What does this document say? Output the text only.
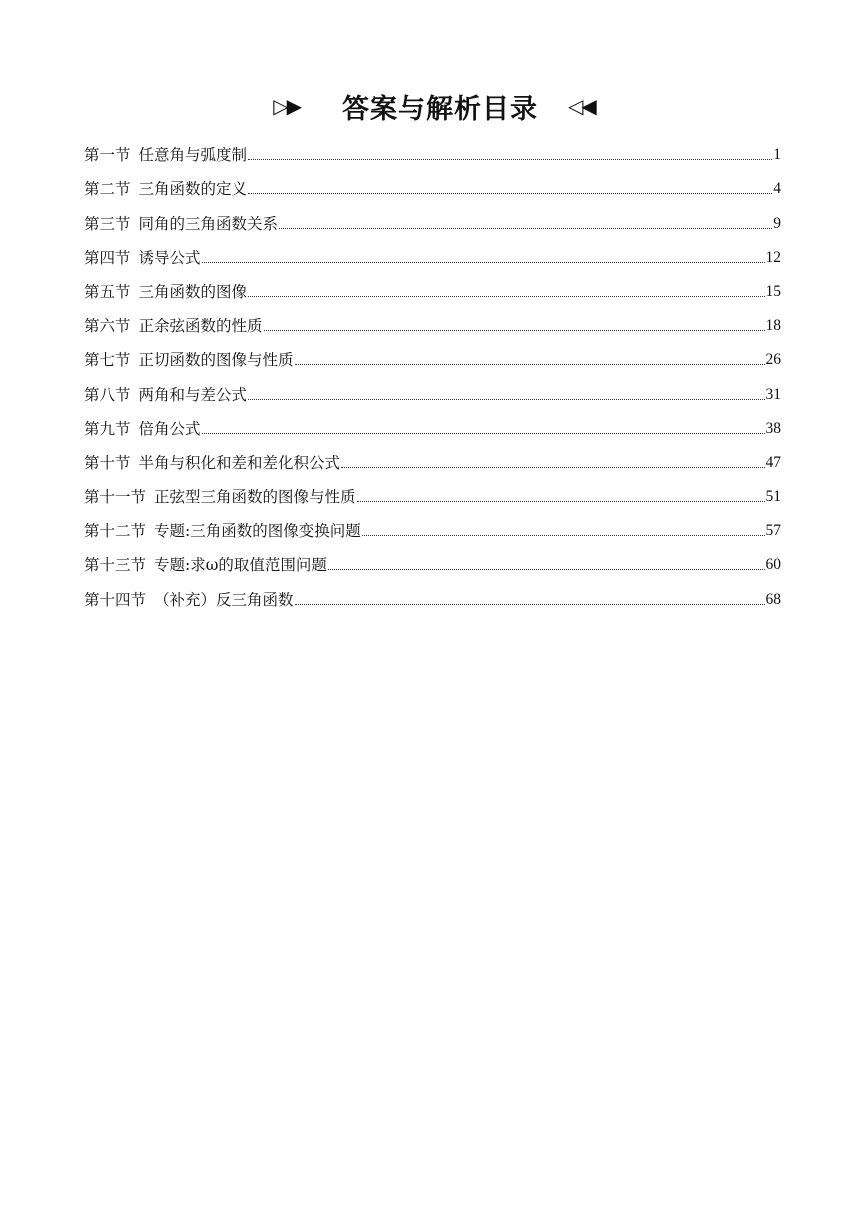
▷▶ 答案与解析目录 ◁◀
第一节 任意角与弧度制	1
第二节 三角函数的定义	4
第三节 同角的三角函数关系	9
第四节 诱导公式	12
第五节 三角函数的图像	15
第六节 正余弦函数的性质	18
第七节 正切函数的图像与性质	26
第八节 两角和与差公式	31
第九节 倍角公式	38
第十节 半角与积化和差和差化积公式	47
第十一节 正弦型三角函数的图像与性质	51
第十二节 专题:三角函数的图像变换问题	57
第十三节 专题:求ω的取值范围问题	60
第十四节 （补充）反三角函数	68
